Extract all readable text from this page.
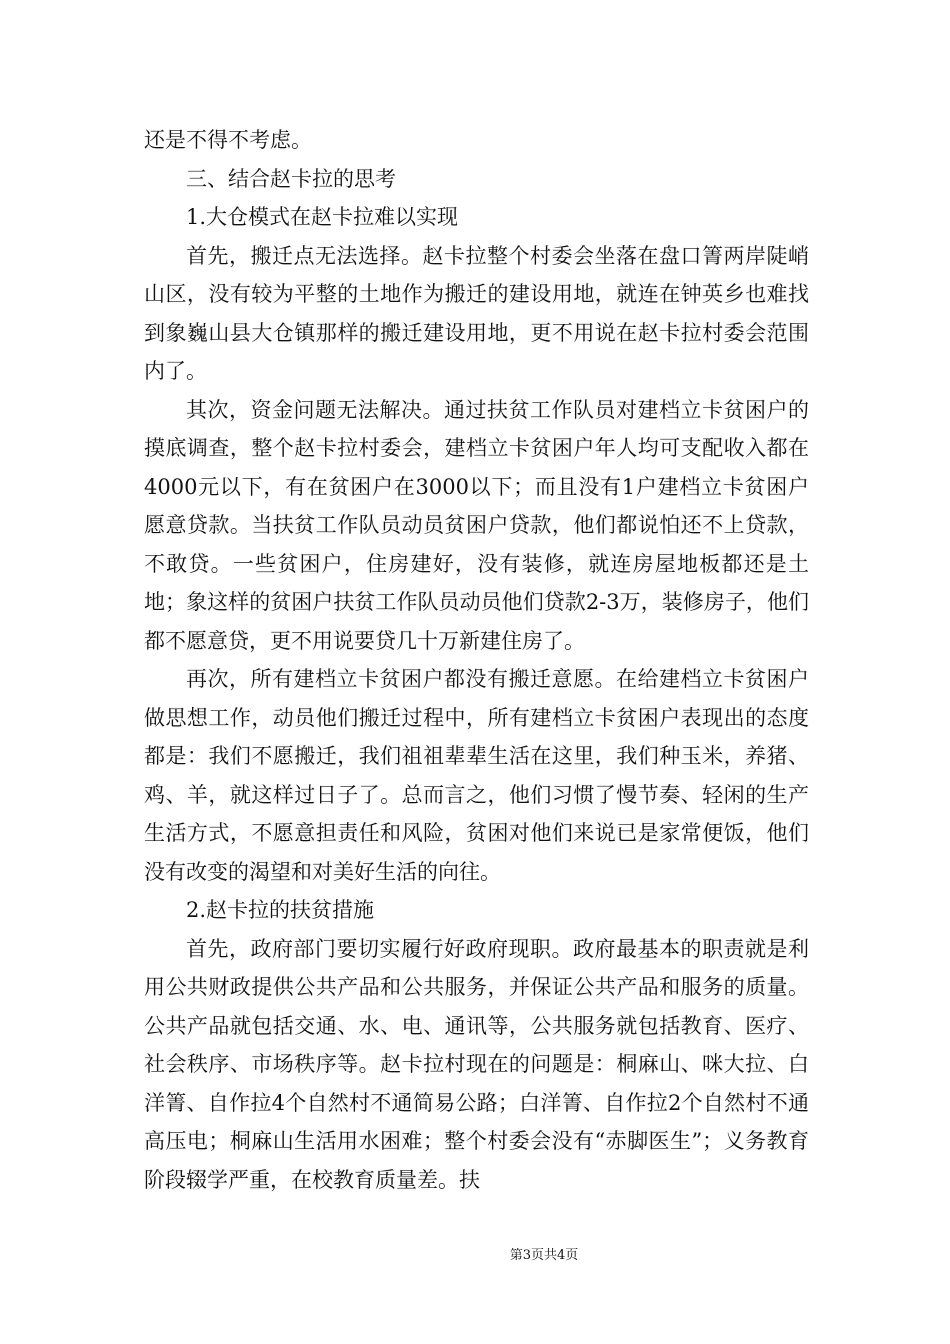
还是不得不考虑。

三、结合赵卡拉的思考

1.大仓模式在赵卡拉难以实现

首先，搬迁点无法选择。赵卡拉整个村委会坐落在盘口箐两岸陡峭山区，没有较为平整的土地作为搬迁的建设用地，就连在钟英乡也难找到象巍山县大仓镇那样的搬迁建设用地，更不用说在赵卡拉村委会范围内了。

其次，资金问题无法解决。通过扶贫工作队员对建档立卡贫困户的摸底调查，整个赵卡拉村委会，建档立卡贫困户年人均可支配收入都在4000元以下，有在贫困户在3000以下；而且没有1户建档立卡贫困户愿意贷款。当扶贫工作队员动员贫困户贷款，他们都说怕还不上贷款，不敢贷。一些贫困户，住房建好，没有装修，就连房屋地板都还是土地；象这样的贫困户扶贫工作队员动员他们贷款2-3万，装修房子，他们都不愿意贷，更不用说要贷几十万新建住房了。

再次，所有建档立卡贫困户都没有搬迁意愿。在给建档立卡贫困户做思想工作，动员他们搬迁过程中，所有建档立卡贫困户表现出的态度都是：我们不愿搬迁，我们祖祖辈辈生活在这里，我们种玉米，养猪、鸡、羊，就这样过日子了。总而言之，他们习惯了慢节奏、轻闲的生产生活方式，不愿意担责任和风险，贫困对他们来说已是家常便饭，他们没有改变的渴望和对美好生活的向往。

2.赵卡拉的扶贫措施

首先，政府部门要切实履行好政府现职。政府最基本的职责就是利用公共财政提供公共产品和公共服务，并保证公共产品和服务的质量。公共产品就包括交通、水、电、通讯等，公共服务就包括教育、医疗、社会秩序、市场秩序等。赵卡拉村现在的问题是：桐麻山、咪大拉、白洋箐、自作拉4个自然村不通简易公路；白洋箐、自作拉2个自然村不通高压电；桐麻山生活用水困难；整个村委会没有“赤脚医生”；义务教育阶段辍学严重，在校教育质量差。扶

第3页共4页
